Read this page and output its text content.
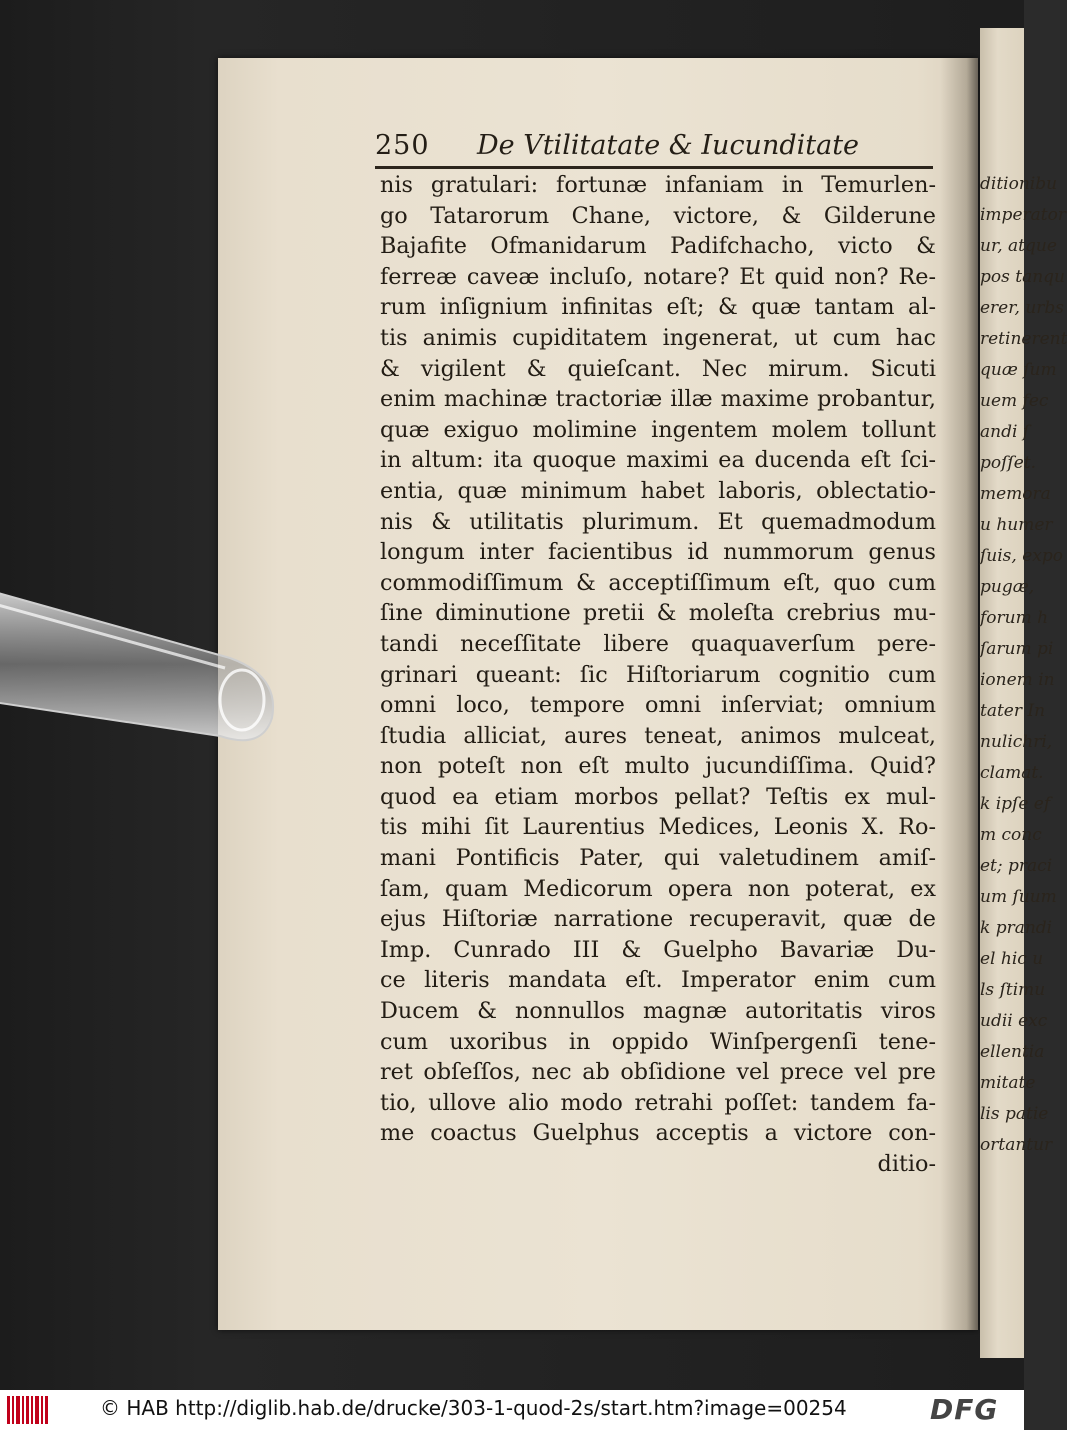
ditionibu
imperator
ur, atque
pos tanqu
erer, urbs
retinerent
quæ ſum
uem fec
andi ſ
poſſet.
memora
u humer
ſuis, expo
pugæ,
forum h
ſarum pi
ionem in
tater In
nulichri,
clamat.
k ipſe ef
m conc
et; praci
um ſuum
k prandi
el hic u
ls ſtimu
udii exc
ellentia
mitate
lis patie
ortantur
250 De Vtilitatate & Iucunditate
nis gratulari: fortunæ infaniam in Temurlen-
go Tatarorum Chane, victore, & Gilderune
Bajafite Ofmanidarum Padifchacho, victo &
ferreæ caveæ incluſo, notare? Et quid non? Re-
rum inſignium infinitas eſt; & quæ tantam al-
tis animis cupiditatem ingenerat, ut cum hac
& vigilent & quieſcant. Nec mirum. Sicuti
enim machinæ tractoriæ illæ maxime probantur,
quæ exiguo molimine ingentem molem tollunt
in altum: ita quoque maximi ea ducenda eſt ſci-
entia, quæ minimum habet laboris, oblectatio-
nis & utilitatis plurimum. Et quemadmodum
longum inter facientibus id nummorum genus
commodiſſimum & acceptiſſimum eſt, quo cum
ſine diminutione pretii & moleſta crebrius mu-
tandi neceſſitate libere quaquaverſum pere-
grinari queant: ſic Hiſtoriarum cognitio cum
omni loco, tempore omni inſerviat; omnium
ſtudia alliciat, aures teneat, animos mulceat,
non poteſt non eſt multo jucundiſſima. Quid?
quod ea etiam morbos pellat? Teſtis ex mul-
tis mihi ſit Laurentius Medices, Leonis X. Ro-
mani Pontificis Pater, qui valetudinem amiſ-
ſam, quam Medicorum opera non poterat, ex
ejus Hiſtoriæ narratione recuperavit, quæ de
Imp. Cunrado III & Guelpho Bavariæ Du-
ce literis mandata eſt. Imperator enim cum
Ducem & nonnullos magnæ autoritatis viros
cum uxoribus in oppido Winſpergenſi tene-
ret obſeſſos, nec ab obſidione vel prece vel pre
tio, ullove alio modo retrahi poſſet: tandem fa-
me coactus Guelphus acceptis a victore con-
ditio-
© HAB http://diglib.hab.de/drucke/303-1-quod-2s/start.htm?image=00254	DFG
